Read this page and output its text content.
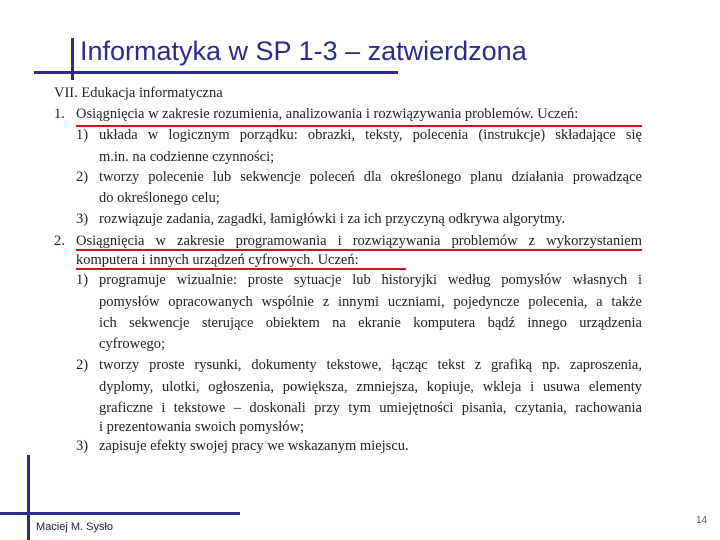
Informatyka w SP 1-3 – zatwierdzona
VII. Edukacja informatyczna
1. Osiągnięcia w zakresie rozumienia, analizowania i rozwiązywania problemów. Uczeń:
1) układa w logicznym porządku: obrazki, teksty, polecenia (instrukcje) składające się
m.in. na codzienne czynności;
2) tworzy polecenie lub sekwencje poleceń dla określonego planu działania prowadzące
do określonego celu;
3) rozwiązuje zadania, zagadki, łamigłówki i za ich przyczyną odkrywa algorytmy.
2. Osiągnięcia w zakresie programowania i rozwiązywania problemów z wykorzystaniem
komputera i innych urządzeń cyfrowych. Uczeń:
1) programuje wizualnie: proste sytuacje lub historyjki według pomysłów własnych i
pomysłów opracowanych wspólnie z innymi uczniami, pojedyncze polecenia, a także
ich sekwencje sterujące obiektem na ekranie komputera bądź innego urządzenia
cyfrowego;
2) tworzy proste rysunki, dokumenty tekstowe, łącząc tekst z grafiką np. zaproszenia,
dyplomy, ulotki, ogłoszenia, powiększa, zmniejsza, kopiuje, wkleja i usuwa elementy
graficzne i tekstowe – doskonali przy tym umiejętności pisania, czytania, rachowania
i prezentowania swoich pomysłów;
3) zapisuje efekty swojej pracy we wskazanym miejscu.
Maciej M. Sysło
14
